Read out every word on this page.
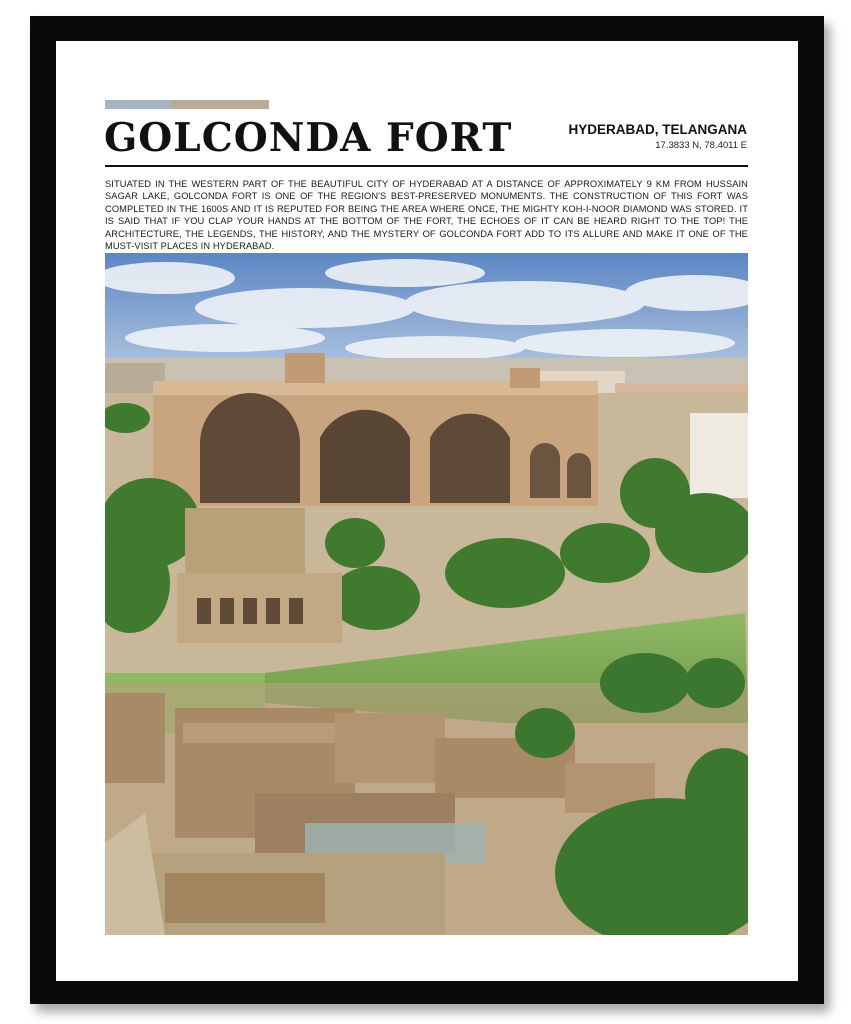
GOLCONDA FORT	HYDERABAD, TELANGANA
17.3833 N, 78.4011 E
SITUATED IN THE WESTERN PART OF THE BEAUTIFUL CITY OF HYDERABAD AT A DISTANCE OF APPROXIMATELY 9 KM FROM HUSSAIN SAGAR LAKE, GOLCONDA FORT IS ONE OF THE REGION'S BEST-PRESERVED MONUMENTS. THE CONSTRUCTION OF THIS FORT WAS COMPLETED IN THE 1600S AND IT IS REPUTED FOR BEING THE AREA WHERE ONCE, THE MIGHTY KOH-I-NOOR DIAMOND WAS STORED. IT IS SAID THAT IF YOU CLAP YOUR HANDS AT THE BOTTOM OF THE FORT, THE ECHOES OF IT CAN BE HEARD RIGHT TO THE TOP! THE ARCHITECTURE, THE LEGENDS, THE HISTORY, AND THE MYSTERY OF GOLCONDA FORT ADD TO ITS ALLURE AND MAKE IT ONE OF THE MUST-VISIT PLACES IN HYDERABAD.
